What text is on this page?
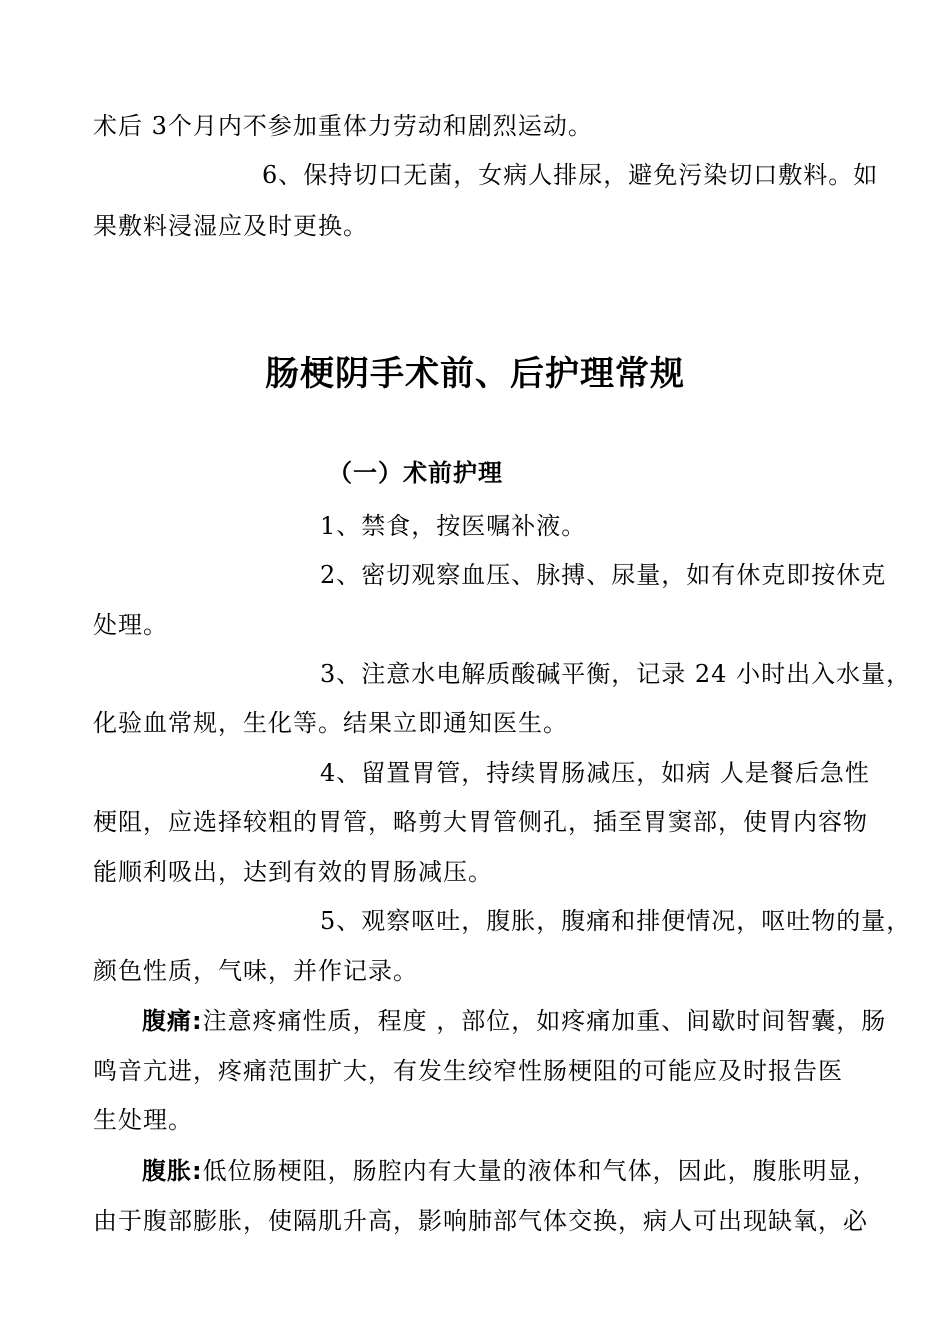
术后 3个月内不参加重体力劳动和剧烈运动。
6、保持切口无菌，女病人排尿，避免污染切口敷料。如
果敷料浸湿应及时更换。
肠梗阴手术前、后护理常规
（一）术前护理
1、禁食，按医嘱补液。
2、密切观察血压、脉搏、尿量，如有休克即按休克
处理。
3、注意水电解质酸碱平衡，记录 24 小时出入水量，
化验血常规，生化等。结果立即通知医生。
4、留置胃管，持续胃肠减压，如病 人是餐后急性
梗阻，应选择较粗的胃管，略剪大胃管侧孔，插至胃窦部，使胃内容物
能顺利吸出，达到有效的胃肠减压。
5、观察呕吐，腹胀，腹痛和排便情况，呕吐物的量，
颜色性质，气味，并作记录。
腹痛:注意疼痛性质，程度 ，部位，如疼痛加重、间歇时间智囊，肠
鸣音亢进，疼痛范围扩大，有发生绞窄性肠梗阻的可能应及时报告医
生处理。
腹胀:低位肠梗阻，肠腔内有大量的液体和气体，因此，腹胀明显，
由于腹部膨胀，使隔肌升高，影响肺部气体交换，病人可出现缺氧，必
